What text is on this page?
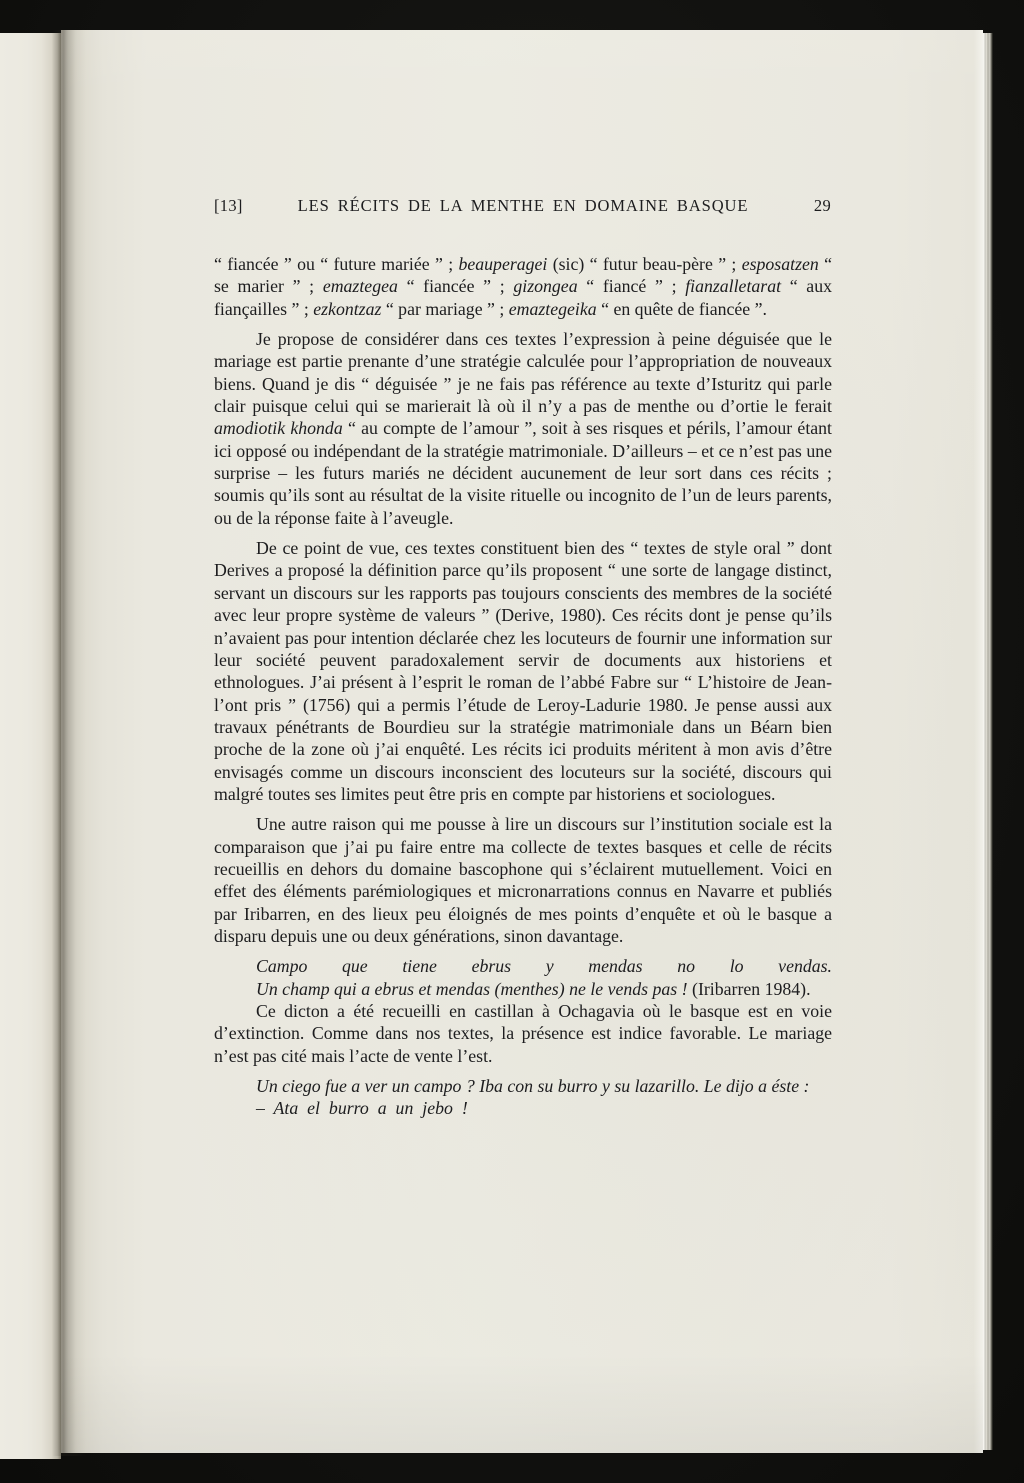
[13]	LES RÉCITS DE LA MENTHE EN DOMAINE BASQUE	29

“ fiancée ” ou “ future mariée ” ; beauperagei (sic) “ futur beau-père ” ; esposatzen “ se marier ” ; emaztegea “ fiancée ” ; gizongea “ fiancé ” ; fianzalletarat “ aux fiançailles ” ; ezkontzaz “ par mariage ” ; emaztegeika “ en quête de fiancée ”.

Je propose de considérer dans ces textes l’expression à peine déguisée que le mariage est partie prenante d’une stratégie calculée pour l’appropriation de nouveaux biens. Quand je dis “ déguisée ” je ne fais pas référence au texte d’Isturitz qui parle clair puisque celui qui se marierait là où il n’y a pas de menthe ou d’ortie le ferait amodiotik khonda “ au compte de l’amour ”, soit à ses risques et périls, l’amour étant ici opposé ou indépendant de la stratégie matrimoniale. D’ailleurs – et ce n’est pas une surprise – les futurs mariés ne décident aucunement de leur sort dans ces récits ; soumis qu’ils sont au résultat de la visite rituelle ou incognito de l’un de leurs parents, ou de la réponse faite à l’aveugle.

De ce point de vue, ces textes constituent bien des “ textes de style oral ” dont Derives a proposé la définition parce qu’ils proposent “ une sorte de langage distinct, servant un discours sur les rapports pas toujours conscients des membres de la société avec leur propre système de valeurs ” (Derive, 1980). Ces récits dont je pense qu’ils n’avaient pas pour intention déclarée chez les locuteurs de fournir une information sur leur société peuvent paradoxalement servir de documents aux historiens et ethnologues. J’ai présent à l’esprit le roman de l’abbé Fabre sur “ L’histoire de Jean-l’ont pris ” (1756) qui a permis l’étude de Leroy-Ladurie 1980. Je pense aussi aux travaux pénétrants de Bourdieu sur la stratégie matrimoniale dans un Béarn bien proche de la zone où j’ai enquêté. Les récits ici produits méritent à mon avis d’être envisagés comme un discours inconscient des locuteurs sur la société, discours qui malgré toutes ses limites peut être pris en compte par historiens et sociologues.

Une autre raison qui me pousse à lire un discours sur l’institution sociale est la comparaison que j’ai pu faire entre ma collecte de textes basques et celle de récits recueillis en dehors du domaine bascophone qui s’éclairent mutuellement. Voici en effet des éléments parémiologiques et micronarrations connus en Navarre et publiés par Iribarren, en des lieux peu éloignés de mes points d’enquête et où le basque a disparu depuis une ou deux générations, sinon davantage.

Campo que tiene ebrus y mendas no lo vendas.

Un champ qui a ebrus et mendas (menthes) ne le vends pas ! (Iribarren 1984).

Ce dicton a été recueilli en castillan à Ochagavia où le basque est en voie d’extinction. Comme dans nos textes, la présence est indice favorable. Le mariage n’est pas cité mais l’acte de vente l’est.

Un ciego fue a ver un campo ? Iba con su burro y su lazarillo. Le dijo a éste :

– Ata el burro a un jebo !
